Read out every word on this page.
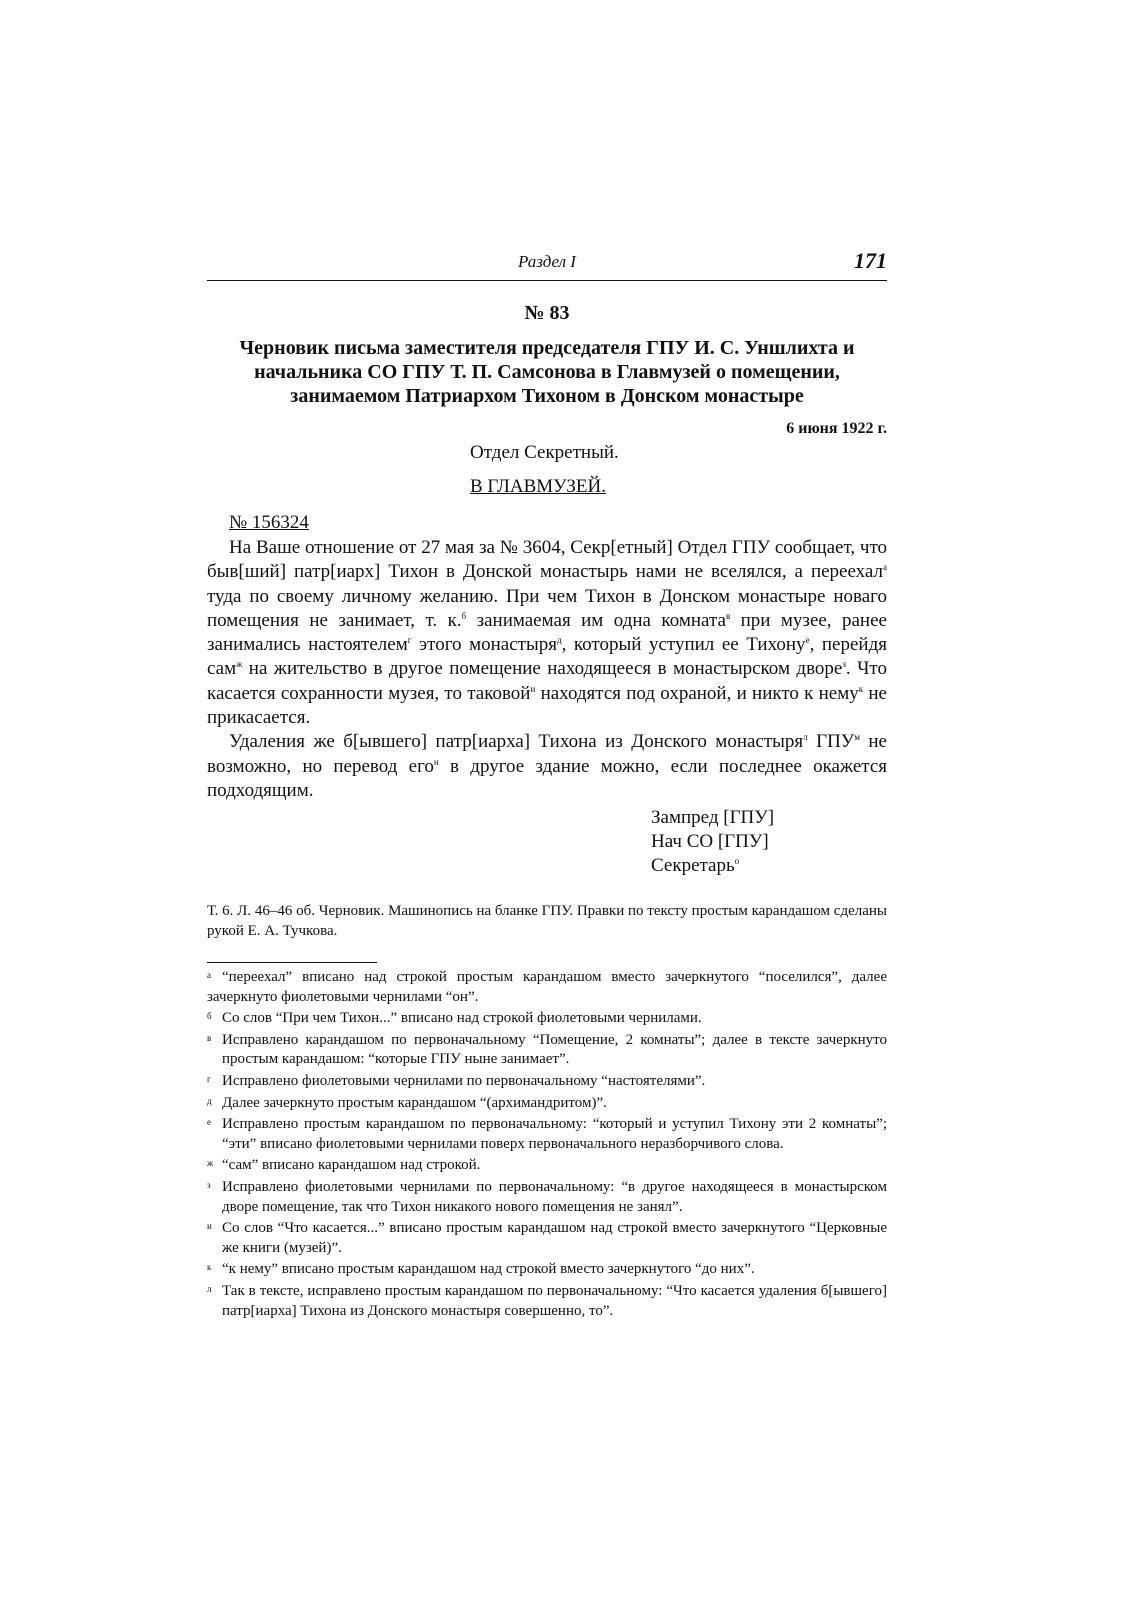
Раздел I	171
№ 83
Черновик письма заместителя председателя ГПУ И. С. Уншлихта и начальника СО ГПУ Т. П. Самсонова в Главмузей о помещении, занимаемом Патриархом Тихоном в Донском монастыре
6 июня 1922 г.
Отдел Секретный.
В ГЛАВМУЗЕЙ.
№ 156324

На Ваше отношение от 27 мая за № 3604, Секр[етный] Отдел ГПУ сообщает, что быв[ший] патр[иарх] Тихон в Донской монастырь нами не вселялся, а переехал$^а$ туда по своему личному желанию. При чем Тихон в Донском монастыре новаго помещения не занимает, т. к.$^б$ занимаемая им одна комната$^в$ при музее, ранее занимались настоятелем$^г$ этого монастыря$^д$, который уступил ее Тихону$^е$, перейдя сам$^ж$ на жительство в другое помещение находящееся в монастырском дворе$^з$. Что касается сохранности музея, то таковой$^и$ находятся под охраной, и никто к нему$^к$ не прикасается.

Удаления же б[ывшего] патр[иарха] Тихона из Донского монастыря$^л$ $ГПУ^м$ не возможно, но перевод его$^н$ в другое здание можно, если последнее окажется подходящим.

Зампред [ГПУ]
Нач СО [ГПУ]
Секретарь$^о$
Т. 6. Л. 46–46 об. Черновик. Машинопись на бланке ГПУ. Правки по тексту простым карандашом сделаны рукой Е. А. Тучкова.
а “переехал” вписано над строкой простым карандашом вместо зачеркнутого “поселился”, далее зачеркнуто фиолетовыми чернилами “он”.
б Со слов “При чем Тихон...” вписано над строкой фиолетовыми чернилами.
в Исправлено карандашом по первоначальному “Помещение, 2 комнаты”; далее в тексте зачеркнуто простым карандашом: “которые ГПУ ныне занимает”.
г Исправлено фиолетовыми чернилами по первоначальному “настоятелями”.
д Далее зачеркнуто простым карандашом “(архимандритом)”.
е Исправлено простым карандашом по первоначальному: “который и уступил Тихону эти 2 комнаты”; “эти” вписано фиолетовыми чернилами поверх первоначального неразборчивого слова.
ж “сам” вписано карандашом над строкой.
з Исправлено фиолетовыми чернилами по первоначальному: “в другое находящееся в монастырском дворе помещение, так что Тихон никакого нового помещения не занял”.
и Со слов “Что касается...” вписано простым карандашом над строкой вместо зачеркнутого “Церковные же книги (музей)”.
к “к нему” вписано простым карандашом над строкой вместо зачеркнутого “до них”.
л Так в тексте, исправлено простым карандашом по первоначальному: “Что касается удаления б[ывшего] патр[иарха] Тихона из Донского монастыря совершенно, то”.
